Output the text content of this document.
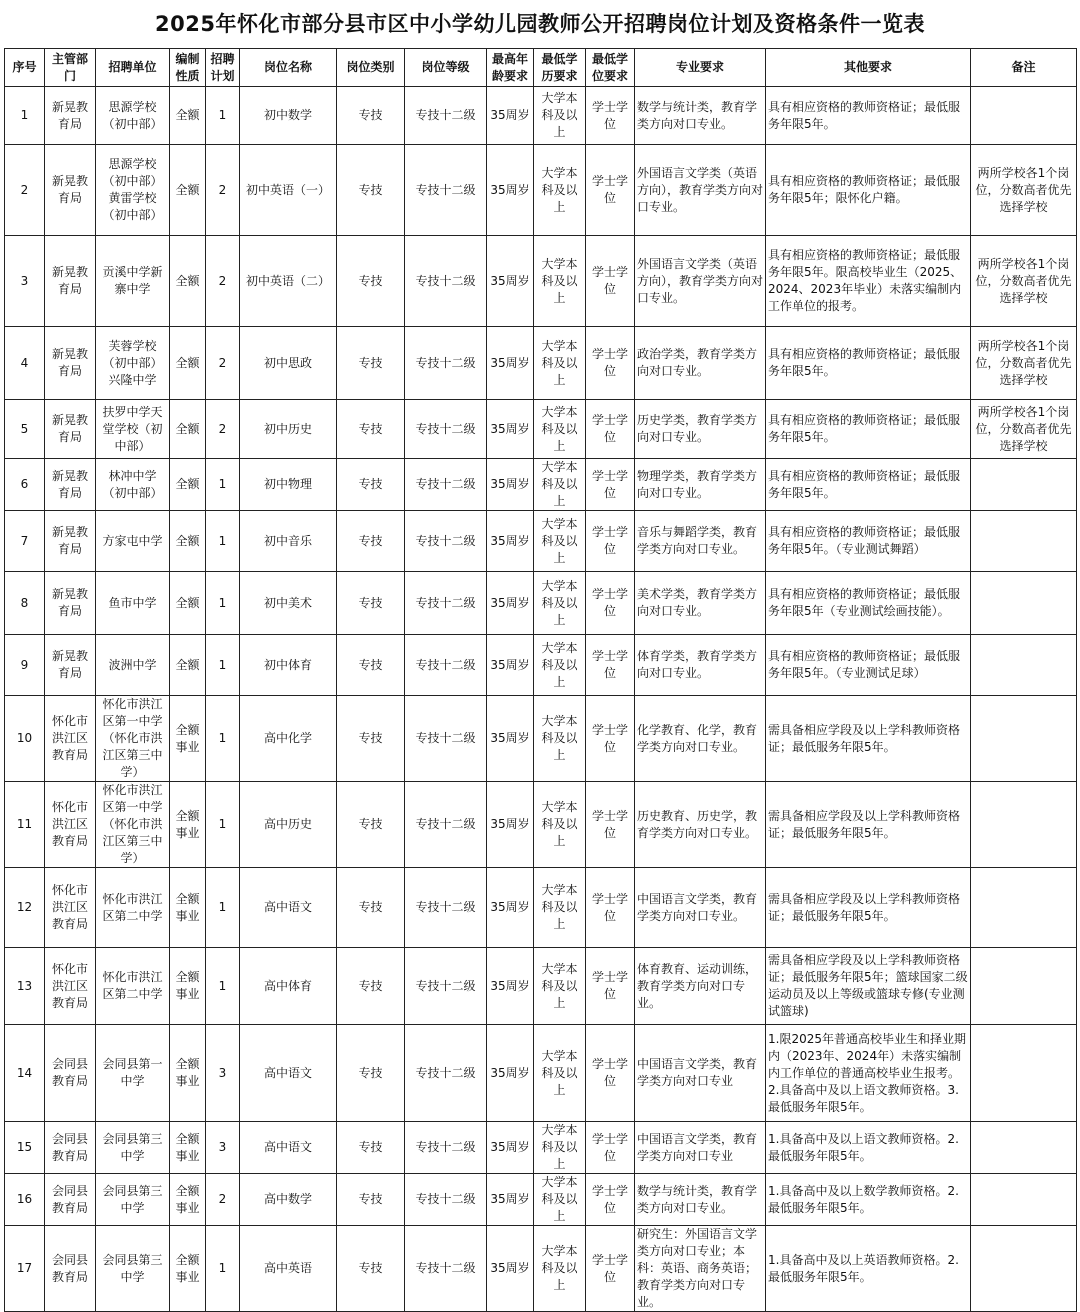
2025年怀化市部分县市区中小学幼儿园教师公开招聘岗位计划及资格条件一览表
序号	主管部门	招聘单位	编制性质	招聘计划	岗位名称	岗位类别	岗位等级	最高年龄要求	最低学历要求	最低学位要求	专业要求	其他要求	备注
1	新晃教育局	思源学校（初中部）	全额	1	初中数学	专技	专技十二级	35周岁	大学本科及以上	学士学位	数学与统计类，教育学类方向对口专业。	具有相应资格的教师资格证；最低服务年限5年。	
2	新晃教育局	思源学校（初中部）黄雷学校（初中部）	全额	2	初中英语（一）	专技	专技十二级	35周岁	大学本科及以上	学士学位	外国语言文学类（英语方向），教育学类方向对口专业。	具有相应资格的教师资格证；最低服务年限5年；限怀化户籍。	两所学校各1个岗位，分数高者优先选择学校
3	新晃教育局	贡溪中学新寨中学	全额	2	初中英语（二）	专技	专技十二级	35周岁	大学本科及以上	学士学位	外国语言文学类（英语方向），教育学类方向对口专业。	具有相应资格的教师资格证；最低服务年限5年。限高校毕业生（2025、2024、2023年毕业）未落实编制内工作单位的报考。	两所学校各1个岗位，分数高者优先选择学校
4	新晃教育局	芙蓉学校（初中部）兴隆中学	全额	2	初中思政	专技	专技十二级	35周岁	大学本科及以上	学士学位	政治学类，教育学类方向对口专业。	具有相应资格的教师资格证；最低服务年限5年。	两所学校各1个岗位，分数高者优先选择学校
5	新晃教育局	扶罗中学天堂学校（初中部）	全额	2	初中历史	专技	专技十二级	35周岁	大学本科及以上	学士学位	历史学类，教育学类方向对口专业。	具有相应资格的教师资格证；最低服务年限5年。	两所学校各1个岗位，分数高者优先选择学校
6	新晃教育局	林冲中学（初中部）	全额	1	初中物理	专技	专技十二级	35周岁	大学本科及以上	学士学位	物理学类，教育学类方向对口专业。	具有相应资格的教师资格证；最低服务年限5年。	
7	新晃教育局	方家屯中学	全额	1	初中音乐	专技	专技十二级	35周岁	大学本科及以上	学士学位	音乐与舞蹈学类，教育学类方向对口专业。	具有相应资格的教师资格证；最低服务年限5年。（专业测试舞蹈）	
8	新晃教育局	鱼市中学	全额	1	初中美术	专技	专技十二级	35周岁	大学本科及以上	学士学位	美术学类，教育学类方向对口专业。	具有相应资格的教师资格证；最低服务年限5年（专业测试绘画技能）。	
9	新晃教育局	波洲中学	全额	1	初中体育	专技	专技十二级	35周岁	大学本科及以上	学士学位	体育学类，教育学类方向对口专业。	具有相应资格的教师资格证；最低服务年限5年。（专业测试足球）	
10	怀化市洪江区教育局	怀化市洪江区第一中学（怀化市洪江区第三中学）	全额事业	1	高中化学	专技	专技十二级	35周岁	大学本科及以上	学士学位	化学教育、化学，教育学类方向对口专业。	需具备相应学段及以上学科教师资格证；最低服务年限5年。	
11	怀化市洪江区教育局	怀化市洪江区第一中学（怀化市洪江区第三中学）	全额事业	1	高中历史	专技	专技十二级	35周岁	大学本科及以上	学士学位	历史教育、历史学，教育学类方向对口专业。	需具备相应学段及以上学科教师资格证；最低服务年限5年。	
12	怀化市洪江区教育局	怀化市洪江区第二中学	全额事业	1	高中语文	专技	专技十二级	35周岁	大学本科及以上	学士学位	中国语言文学类，教育学类方向对口专业。	需具备相应学段及以上学科教师资格证；最低服务年限5年。	
13	怀化市洪江区教育局	怀化市洪江区第二中学	全额事业	1	高中体育	专技	专技十二级	35周岁	大学本科及以上	学士学位	体育教育、运动训练，教育学类方向对口专业。	需具备相应学段及以上学科教师资格证；最低服务年限5年；篮球国家二级运动员及以上等级或篮球专修(专业测试篮球)	
14	会同县教育局	会同县第一中学	全额事业	3	高中语文	专技	专技十二级	35周岁	大学本科及以上	学士学位	中国语言文学类，教育学类方向对口专业	1.限2025年普通高校毕业生和择业期内（2023年、2024年）未落实编制内工作单位的普通高校毕业生报考。2.具备高中及以上语文教师资格。3.最低服务年限5年。	
15	会同县教育局	会同县第三中学	全额事业	3	高中语文	专技	专技十二级	35周岁	大学本科及以上	学士学位	中国语言文学类，教育学类方向对口专业	1.具备高中及以上语文教师资格。2.最低服务年限5年。	
16	会同县教育局	会同县第三中学	全额事业	2	高中数学	专技	专技十二级	35周岁	大学本科及以上	学士学位	数学与统计类，教育学类方向对口专业。	1.具备高中及以上数学教师资格。2.最低服务年限5年。	
17	会同县教育局	会同县第三中学	全额事业	1	高中英语	专技	专技十二级	35周岁	大学本科及以上	学士学位	研究生：外国语言文学类方向对口专业；本 科：英语、商务英语；教育学类方向对口专业。	1.具备高中及以上英语教师资格。2.最低服务年限5年。	
